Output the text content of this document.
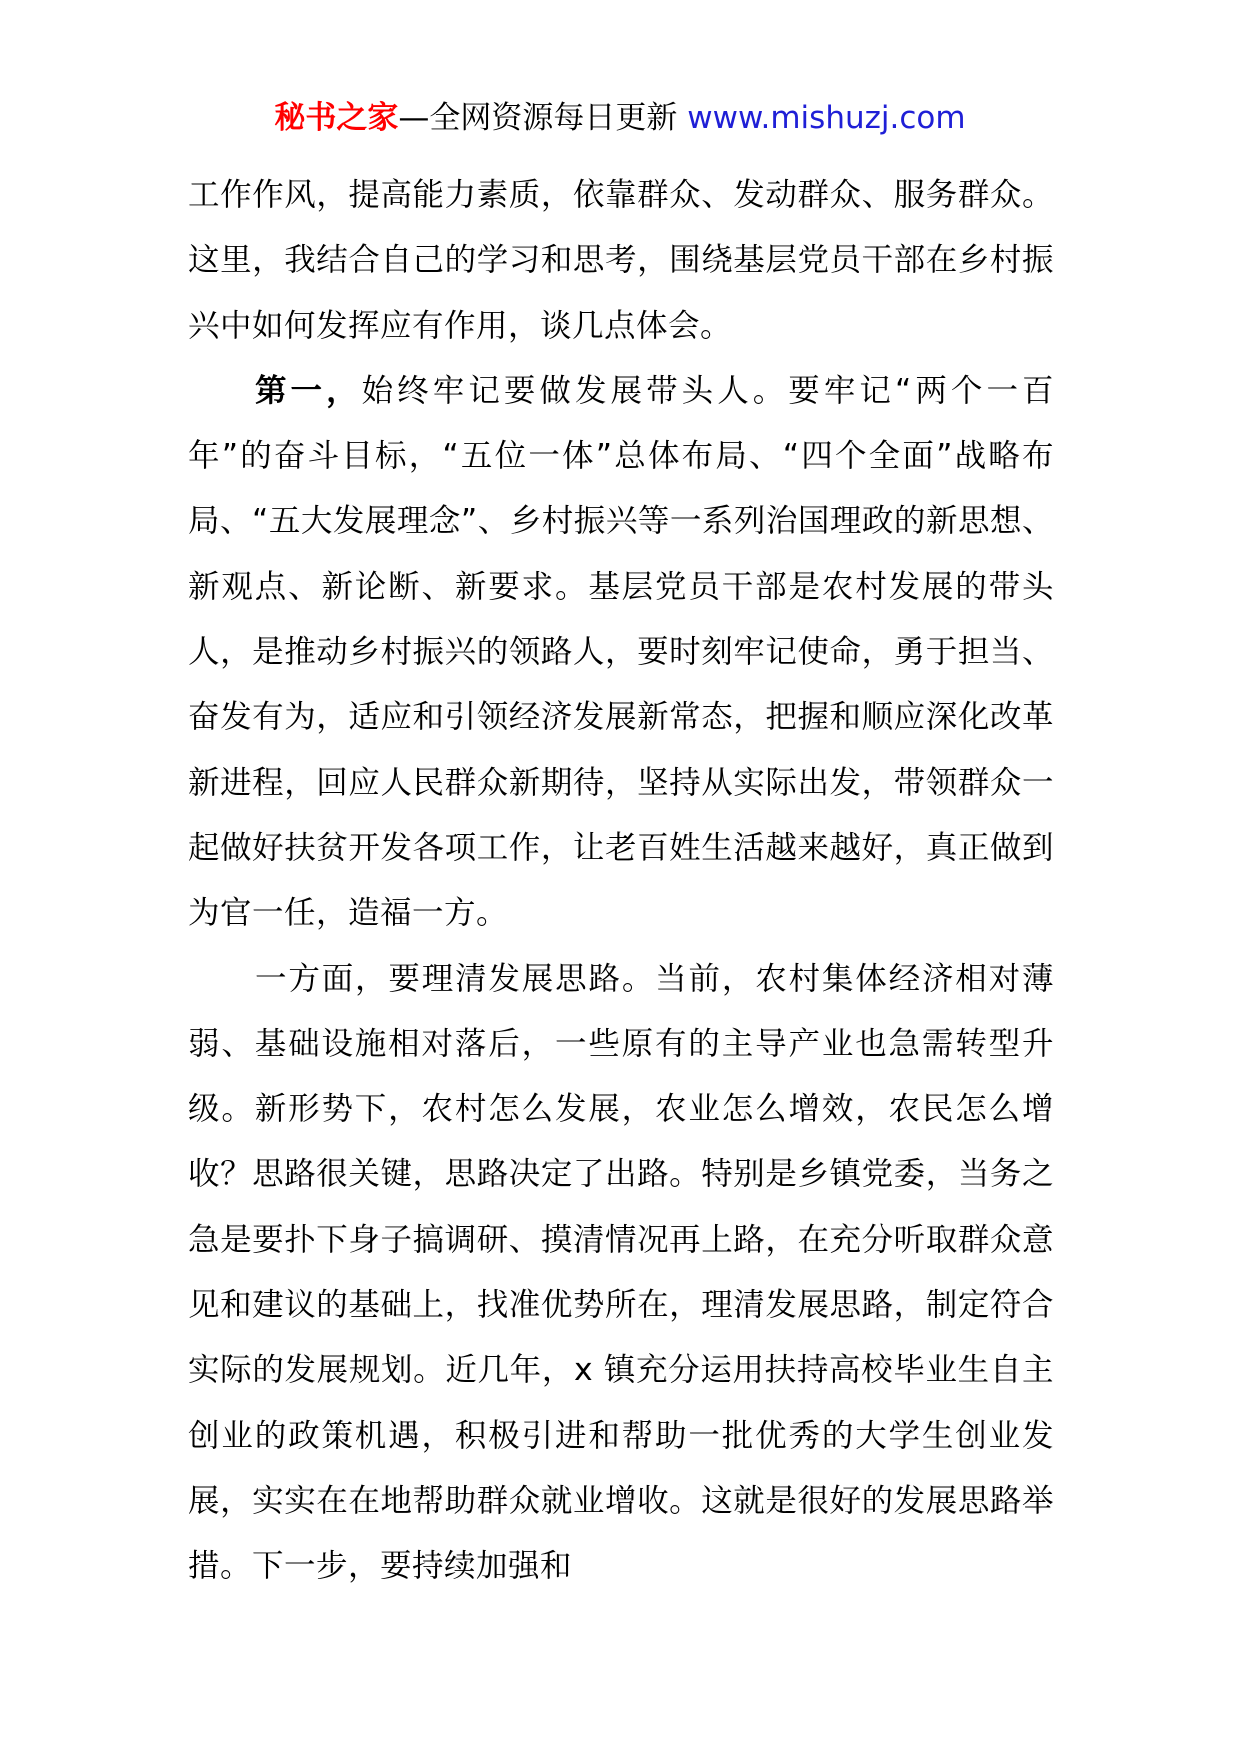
秘书之家—全网资源每日更新 www.mishuzj.com

工作作风，提高能力素质，依靠群众、发动群众、服务群众。这里，我结合自己的学习和思考，围绕基层党员干部在乡村振兴中如何发挥应有作用，谈几点体会。

第一，始终牢记要做发展带头人。要牢记“两个一百年”的奋斗目标，“五位一体”总体布局、“四个全面”战略布局、“五大发展理念”、乡村振兴等一系列治国理政的新思想、新观点、新论断、新要求。基层党员干部是农村发展的带头人，是推动乡村振兴的领路人，要时刻牢记使命，勇于担当、奋发有为，适应和引领经济发展新常态，把握和顺应深化改革新进程，回应人民群众新期待，坚持从实际出发，带领群众一起做好扶贫开发各项工作，让老百姓生活越来越好，真正做到为官一任，造福一方。

一方面，要理清发展思路。当前，农村集体经济相对薄弱、基础设施相对落后，一些原有的主导产业也急需转型升级。新形势下，农村怎么发展，农业怎么增效，农民怎么增收？思路很关键，思路决定了出路。特别是乡镇党委，当务之急是要扑下身子搞调研、摸清情况再上路，在充分听取群众意见和建议的基础上，找准优势所在，理清发展思路，制定符合实际的发展规划。近几年，x 镇充分运用扶持高校毕业生自主创业的政策机遇，积极引进和帮助一批优秀的大学生创业发展，实实在在地帮助群众就业增收。这就是很好的发展思路举措。下一步，要持续加强和
